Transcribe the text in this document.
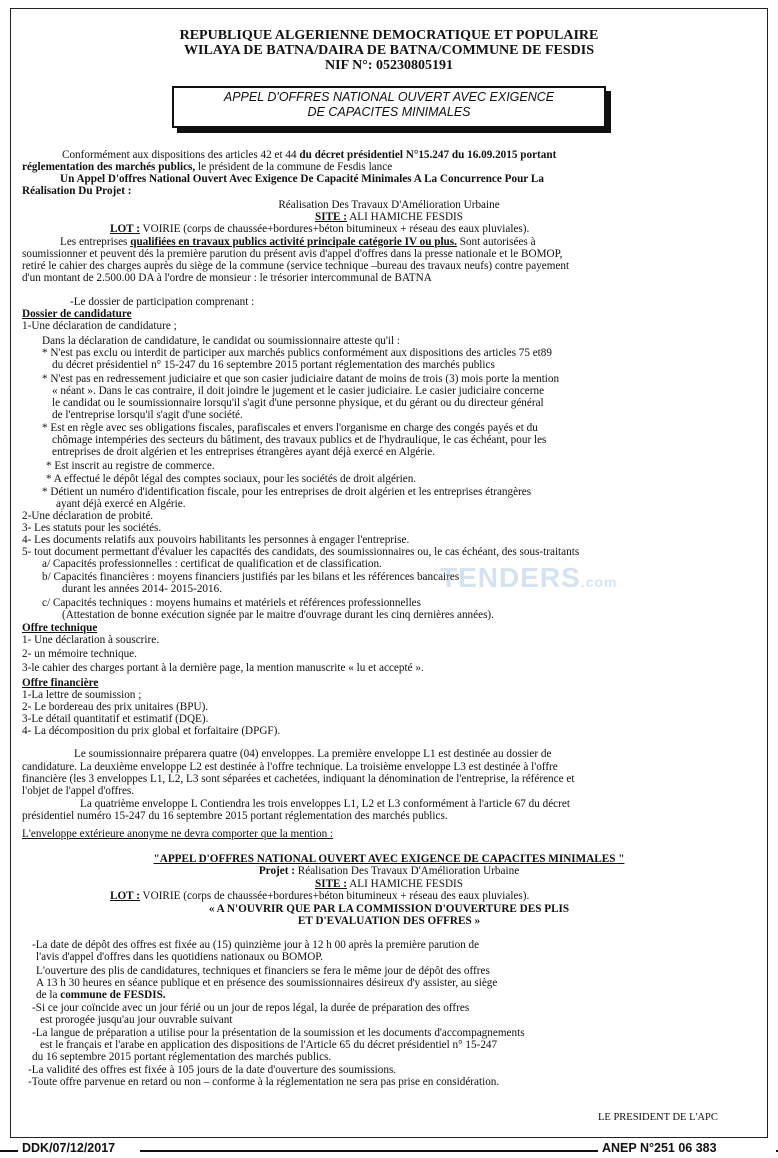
REPUBLIQUE ALGERIENNE DEMOCRATIQUE ET POPULAIRE
WILAYA DE BATNA/DAIRA DE BATNA/COMMUNE DE FESDIS
NIF N°: 05230805191
APPEL D'OFFRES NATIONAL OUVERT AVEC EXIGENCE
DE CAPACITES MINIMALES
Conformément aux dispositions des articles 42 et 44 du décret présidentiel N°15.247 du 16.09.2015 portant
réglementation des marchés publics, le président de la commune de Fesdis lance
Un Appel D'offres National Ouvert Avec Exigence De Capacité Minimales A La Concurrence Pour La
Réalisation Du Projet :
Réalisation Des Travaux D'Amélioration Urbaine
SITE : ALI HAMICHE FESDIS
LOT : VOIRIE (corps de chaussée+bordures+béton bitumineux + réseau des eaux pluviales).
Les entreprises qualifiées en travaux publics activité principale catégorie IV ou plus. Sont autorisées à
soumissionner et peuvent dés la première parution du présent avis d'appel d'offres dans la presse nationale et le BOMOP,
retiré le cahier des charges auprès du siège de la commune (service technique –bureau des travaux neufs) contre payement
d'un montant de 2.500.00 DA à l'ordre de monsieur : le trésorier intercommunal de BATNA
-Le dossier de participation comprenant :
Dossier de candidature
1-Une déclaration de candidature ;
Dans la déclaration de candidature, le candidat ou soumissionnaire atteste qu'il :
* N'est pas exclu ou interdit de participer aux marchés publics conformément aux dispositions des articles 75 et89
du décret présidentiel n° 15-247 du 16 septembre 2015 portant réglementation des marchés publics
* N'est pas en redressement judiciaire et que son casier judiciaire datant de moins de trois (3) mois porte la mention
« néant ». Dans le cas contraire, il doit joindre le jugement et le casier judiciaire. Le casier judiciaire concerne
le candidat ou le soumissionnaire lorsqu'il s'agit d'une personne physique, et du gérant ou du directeur général
de l'entreprise lorsqu'il s'agit d'une société.
* Est en règle avec ses obligations fiscales, parafiscales et envers l'organisme en charge des congés payés et du
chômage intempéries des secteurs du bâtiment, des travaux publics et de l'hydraulique, le cas échéant, pour les
entreprises de droit algérien et les entreprises étrangères ayant déjà exercé en Algérie.
* Est inscrit au registre de commerce.
* A effectué le dépôt légal des comptes sociaux, pour les sociétés de droit algérien.
* Détient un numéro d'identification fiscale, pour les entreprises de droit algérien et les entreprises étrangères
ayant déjà exercé en Algérie.
2-Une déclaration de probité.
3- Les statuts pour les sociétés.
4- Les documents relatifs aux pouvoirs habilitants les personnes à engager l'entreprise.
5- tout document permettant d'évaluer les capacités des candidats, des soumissionnaires ou, le cas échéant, des sous-traitants
a/ Capacités professionnelles : certificat de qualification et de classification.
b/ Capacités financières : moyens financiers justifiés par les bilans et les références bancaires
durant les années 2014- 2015-2016.
c/ Capacités techniques : moyens humains et matériels et références professionnelles
(Attestation de bonne exécution signée par le maitre d'ouvrage durant les cinq dernières années).
TENDERS.com
Offre technique
1- Une déclaration à souscrire.
2- un mémoire technique.
3-le cahier des charges portant à la dernière page, la mention manuscrite « lu et accepté ».
Offre financière
1-La lettre de soumission ;
2- Le bordereau des prix unitaires (BPU).
3-Le détail quantitatif et estimatif (DQE).
4- La décomposition du prix global et forfaitaire (DPGF).
Le soumissionnaire préparera quatre (04) enveloppes. La première enveloppe L1 est destinée au dossier de
candidature. La deuxième enveloppe L2 est destinée à l'offre technique. La troisième enveloppe L3 est destinée à l'offre
financière (les 3 enveloppes L1, L2, L3 sont séparées et cachetées, indiquant la dénomination de l'entreprise, la référence et
l'objet de l'appel d'offres.
La quatrième enveloppe L Contiendra les trois enveloppes L1, L2 et L3 conformément à l'article 67 du décret
présidentiel numéro 15-247 du 16 septembre 2015 portant réglementation des marchés publics.
L'enveloppe extérieure anonyme ne devra comporter que la mention :
"APPEL D'OFFRES NATIONAL OUVERT AVEC EXIGENCE DE CAPACITES MINIMALES "
Projet : Réalisation Des Travaux D'Amélioration Urbaine
SITE : ALI HAMICHE FESDIS
LOT : VOIRIE (corps de chaussée+bordures+béton bitumineux + réseau des eaux pluviales).
« A N'OUVRIR QUE PAR LA COMMISSION D'OUVERTURE DES PLIS
ET D'EVALUATION DES OFFRES »
-La date de dépôt des offres est fixée au (15) quinzième jour à 12 h 00 après la première parution de
l'avis d'appel d'offres dans les quotidiens nationaux ou BOMOP.
L'ouverture des plis de candidatures, techniques et financiers se fera le même jour de dépôt des offres
A 13 h 30 heures en séance publique et en présence des soumissionnaires désireux d'y assister, au siège
de la commune de FESDIS.
-Si ce jour coïncide avec un jour férié ou un jour de repos légal, la durée de préparation des offres
est prorogée jusqu'au jour ouvrable suivant
-La langue de préparation a utilise pour la présentation de la soumission et les documents d'accompagnements
est le français et l'arabe en application des dispositions de l'Article 65 du décret présidentiel n° 15-247
du 16 septembre 2015 portant réglementation des marchés publics.
-La validité des offres est fixée à 105 jours de la date d'ouverture des soumissions.
-Toute offre parvenue en retard ou non – conforme à la réglementation ne sera pas prise en considération.
LE PRESIDENT DE L'APC
DDK/07/12/2017	ANEP N°251 06 383
